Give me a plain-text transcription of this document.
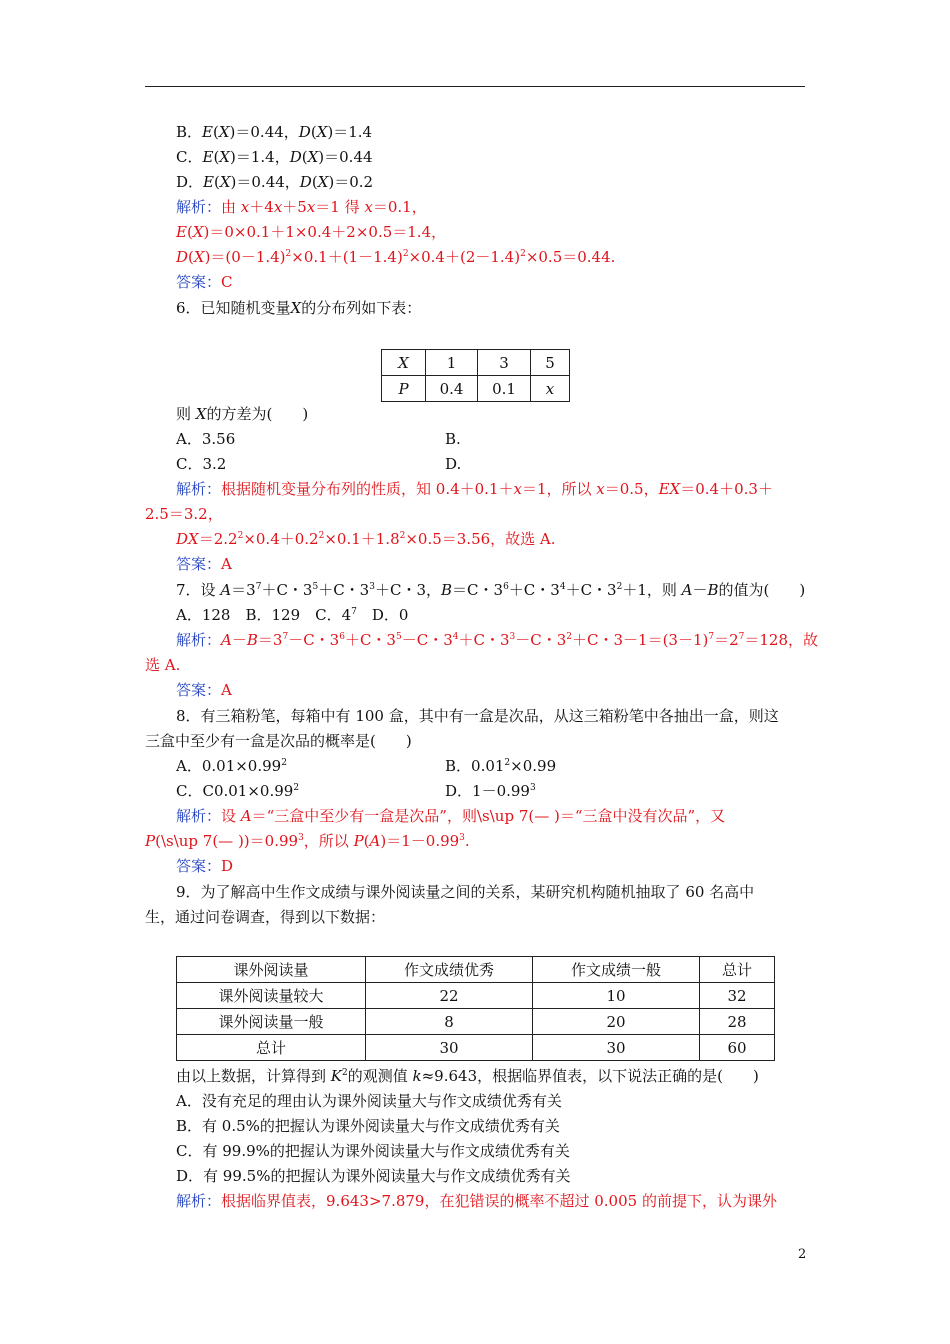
B．E(X)＝0.44，D(X)＝1.4
C．E(X)＝1.4，D(X)＝0.44
D．E(X)＝0.44，D(X)＝0.2
解析：由 x＋4x＋5x＝1 得 x＝0.1，
E(X)＝0×0.1＋1×0.4＋2×0.5＝1.4，
$D(X)=(0-1.4)^2\times 0.1+(1-1.4)^2\times 0.4+(2-1.4)^2\times 0.5=0.44$.
答案：C
6．已知随机变量X的分布列如下表：
X	1	3	5
P	0.4	0.1	x
则 X的方差为(　　)
A．3.56	B.
C．3.2	D.
解析：根据随机变量分布列的性质，知 0.4＋0.1＋x＝1，所以 x＝0.5，EX＝0.4＋0.3＋
2.5＝3.2，
$DX=2.2^2\times 0.4+0.2^2\times 0.1+1.8^2\times 0.5=3.56$，故选 A.
答案：A
7．设 $A=3^7+C$・$3^5+C$・$3^3+C$・3，B＝C・$3^6+C$・$3^4+C$・$3^2+1$，则 A－B的值为(　　)
A．128　B．129　C．$4^7$　D．0
解析：$A-B=3^7-C$・$3^6+C$・$3^5-C$・$3^4+C$・$3^3-C$・$3^2+C$・$3-1=(3-1)^7=2^7=128$，故
选 A.
答案：A
8．有三箱粉笔，每箱中有 100 盒，其中有一盒是次品，从这三箱粉笔中各抽出一盒，则这
三盒中至少有一盒是次品的概率是(　　)
A．$0.01\times 0.99^2$	B．$0.01^2\times 0.99$
C．$C0.01\times 0.99^2$	D．$1-0.99^3$
解析：设 A＝“三盒中至少有一盒是次品”，则\s\up 7(— )＝“三盒中没有次品”，又
P(\s\up 7(— ))$=0.99^3$，所以 $P(A)=1-0.99^3$.
答案：D
9．为了解高中生作文成绩与课外阅读量之间的关系，某研究机构随机抽取了 60 名高中
生，通过问卷调查，得到以下数据：
课外阅读量	作文成绩优秀	作文成绩一般	总计
课外阅读量较大	22	10	32
课外阅读量一般	8	20	28
总计	30	30	60
由以上数据，计算得到 $K^2$的观测值 k≈9.643，根据临界值表，以下说法正确的是(　　)
A．没有充足的理由认为课外阅读量大与作文成绩优秀有关
B．有 0.5%的把握认为课外阅读量大与作文成绩优秀有关
C．有 99.9%的把握认为课外阅读量大与作文成绩优秀有关
D．有 99.5%的把握认为课外阅读量大与作文成绩优秀有关
解析：根据临界值表，9.643>7.879，在犯错误的概率不超过 0.005 的前提下，认为课外
2
